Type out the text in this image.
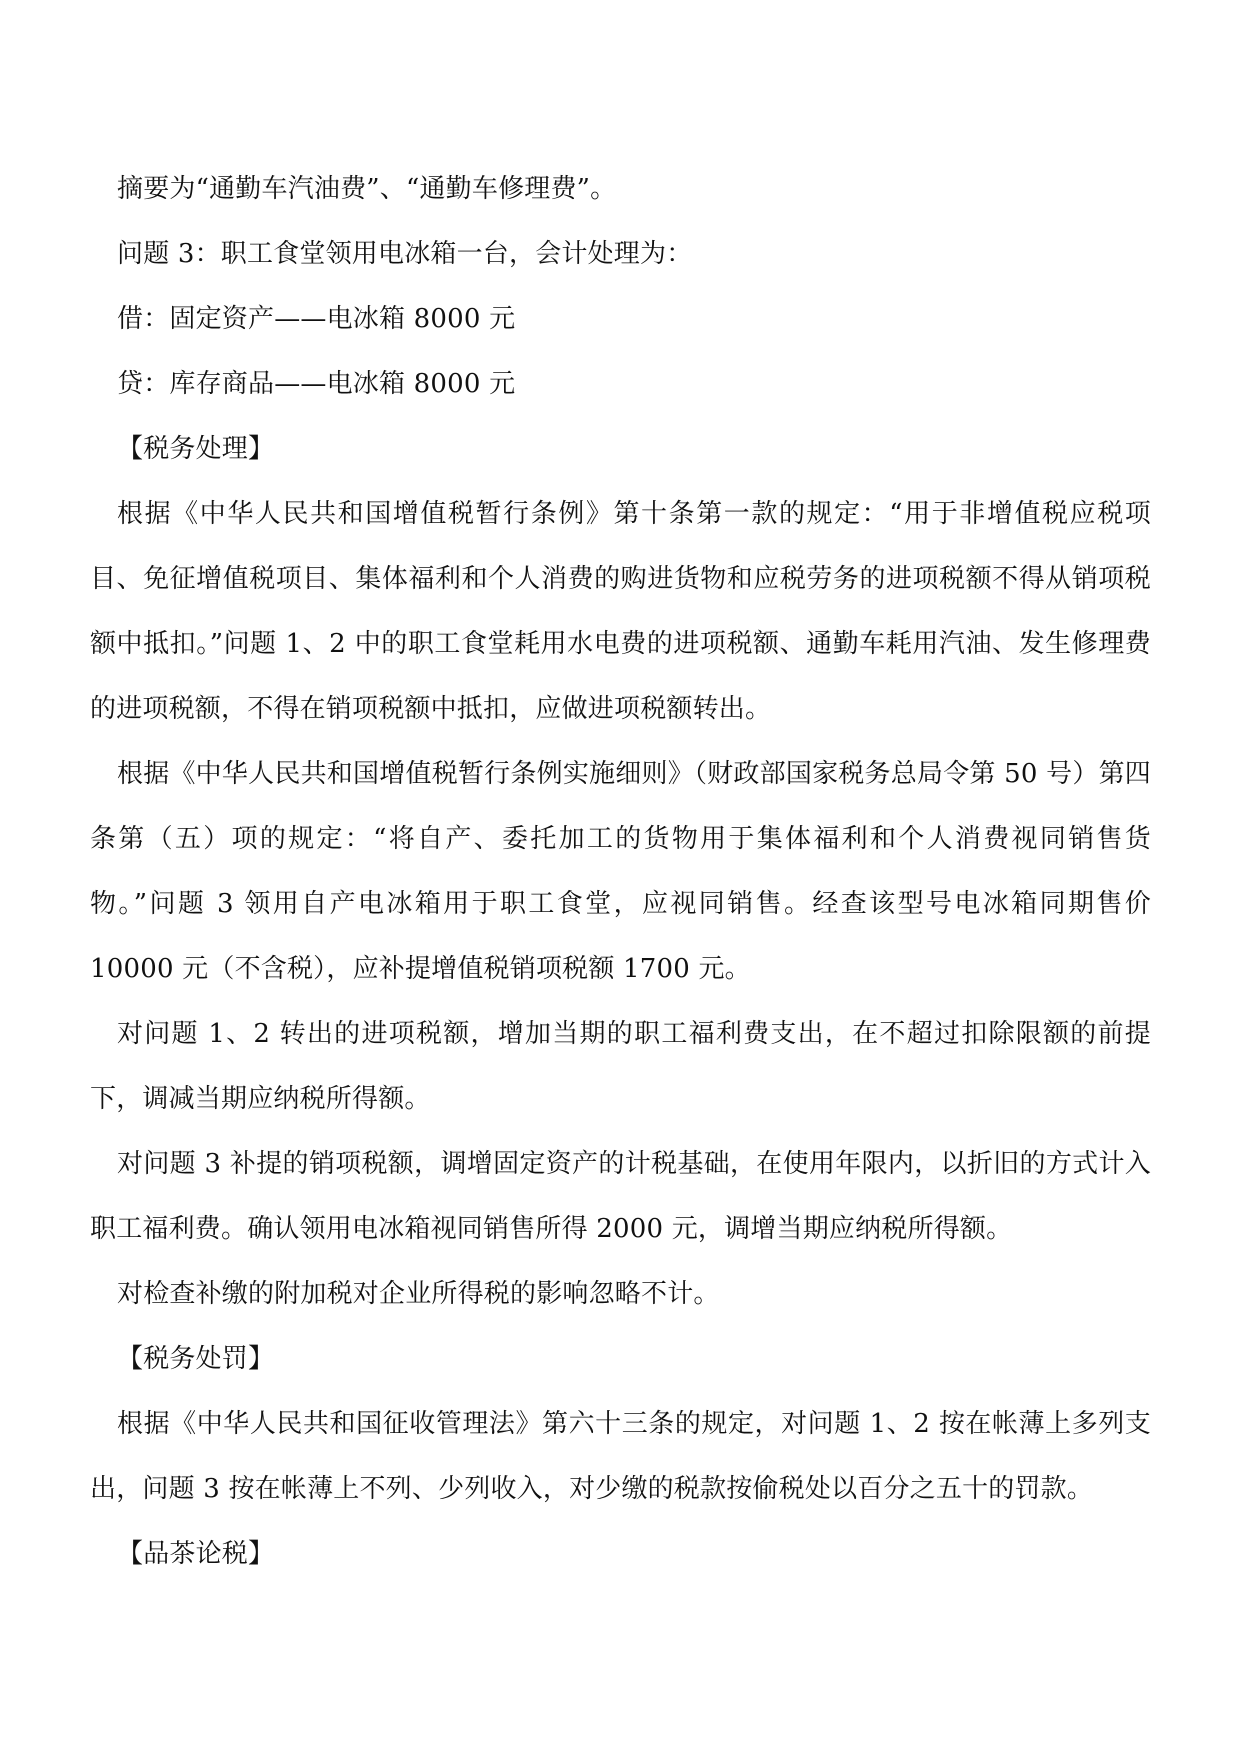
摘要为“通勤车汽油费”、“通勤车修理费”。

问题 3：职工食堂领用电冰箱一台，会计处理为：

借：固定资产——电冰箱 8000 元

贷：库存商品——电冰箱 8000 元

【税务处理】

根据《中华人民共和国增值税暂行条例》第十条第一款的规定：“用于非增值税应税项目、免征增值税项目、集体福利和个人消费的购进货物和应税劳务的进项税额不得从销项税额中抵扣。”问题 1、2 中的职工食堂耗用水电费的进项税额、通勤车耗用汽油、发生修理费的进项税额，不得在销项税额中抵扣，应做进项税额转出。

根据《中华人民共和国增值税暂行条例实施细则》（财政部国家税务总局令第 50 号）第四条第（五）项的规定：“将自产、委托加工的货物用于集体福利和个人消费视同销售货物。”问题 3 领用自产电冰箱用于职工食堂，应视同销售。经查该型号电冰箱同期售价 10000 元（不含税），应补提增值税销项税额 1700 元。

对问题 1、2 转出的进项税额，增加当期的职工福利费支出，在不超过扣除限额的前提下，调减当期应纳税所得额。

对问题 3 补提的销项税额，调增固定资产的计税基础，在使用年限内，以折旧的方式计入职工福利费。确认领用电冰箱视同销售所得 2000 元，调增当期应纳税所得额。

对检查补缴的附加税对企业所得税的影响忽略不计。

【税务处罚】

根据《中华人民共和国征收管理法》第六十三条的规定，对问题 1、2 按在帐薄上多列支出，问题 3 按在帐薄上不列、少列收入，对少缴的税款按偷税处以百分之五十的罚款。

【品茶论税】
